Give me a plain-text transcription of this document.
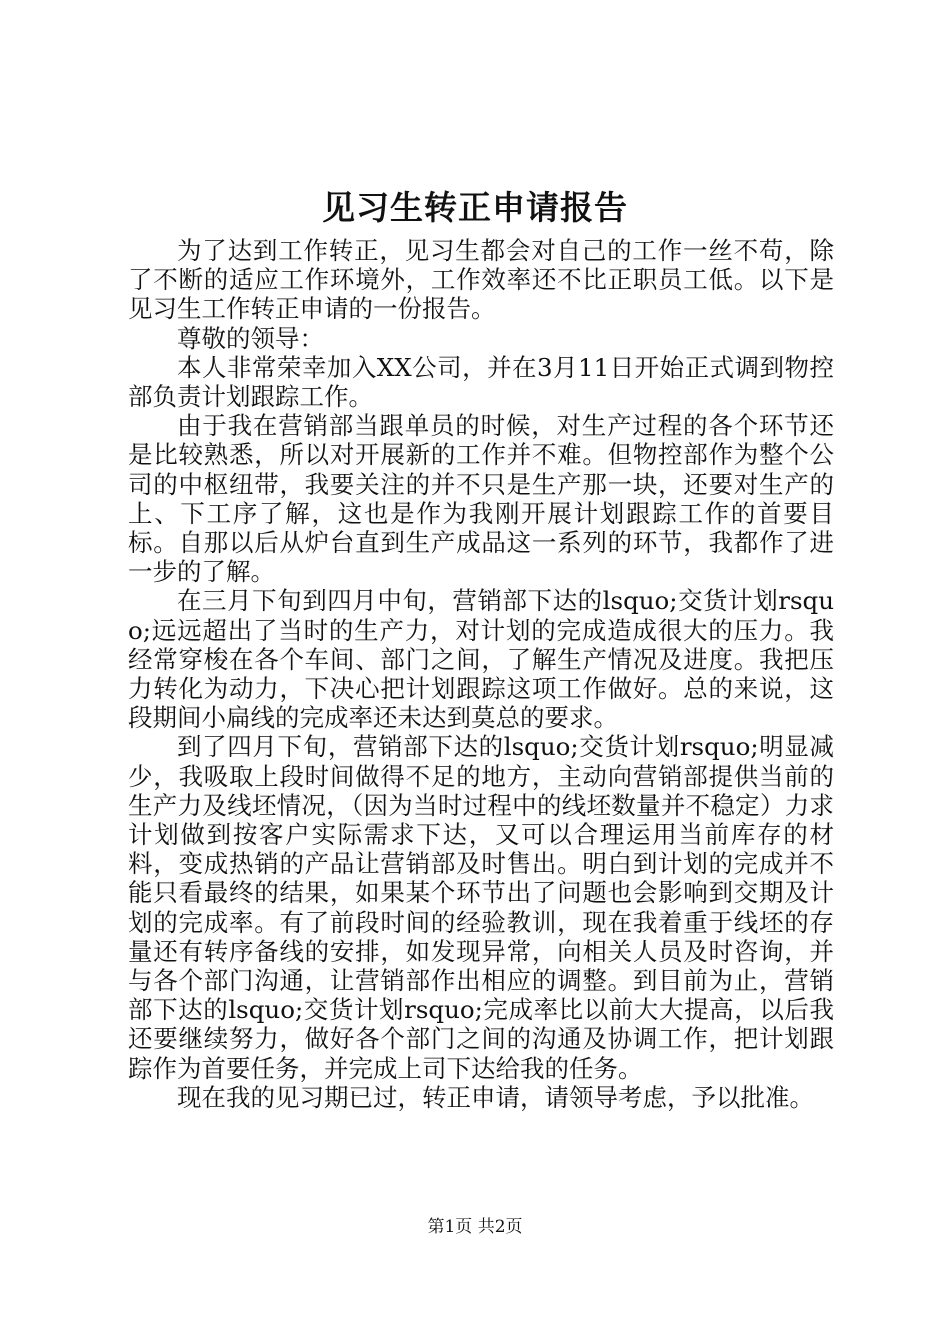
见习生转正申请报告

为了达到工作转正，见习生都会对自己的工作一丝不苟，除了不断的适应工作环境外，工作效率还不比正职员工低。以下是见习生工作转正申请的一份报告。

尊敬的领导：

本人非常荣幸加入XX公司，并在3月11日开始正式调到物控部负责计划跟踪工作。

由于我在营销部当跟单员的时候，对生产过程的各个环节还是比较熟悉，所以对开展新的工作并不难。但物控部作为整个公司的中枢纽带，我要关注的并不只是生产那一块，还要对生产的上、下工序了解，这也是作为我刚开展计划跟踪工作的首要目标。自那以后从炉台直到生产成品这一系列的环节，我都作了进一步的了解。

在三月下旬到四月中旬，营销部下达的lsquo;交货计划rsquo;远远超出了当时的生产力，对计划的完成造成很大的压力。我经常穿梭在各个车间、部门之间，了解生产情况及进度。我把压力转化为动力，下决心把计划跟踪这项工作做好。总的来说，这段期间小扁线的完成率还未达到莫总的要求。

到了四月下旬，营销部下达的lsquo;交货计划rsquo;明显减少，我吸取上段时间做得不足的地方，主动向营销部提供当前的生产力及线坯情况，（因为当时过程中的线坯数量并不稳定）力求计划做到按客户实际需求下达，又可以合理运用当前库存的材料，变成热销的产品让营销部及时售出。明白到计划的完成并不能只看最终的结果，如果某个环节出了问题也会影响到交期及计划的完成率。有了前段时间的经验教训，现在我着重于线坯的存量还有转序备线的安排，如发现异常，向相关人员及时咨询，并与各个部门沟通，让营销部作出相应的调整。到目前为止，营销部下达的lsquo;交货计划rsquo;完成率比以前大大提高，以后我还要继续努力，做好各个部门之间的沟通及协调工作，把计划跟踪作为首要任务，并完成上司下达给我的任务。

现在我的见习期已过，转正申请，请领导考虑，予以批准。

第1页 共2页
